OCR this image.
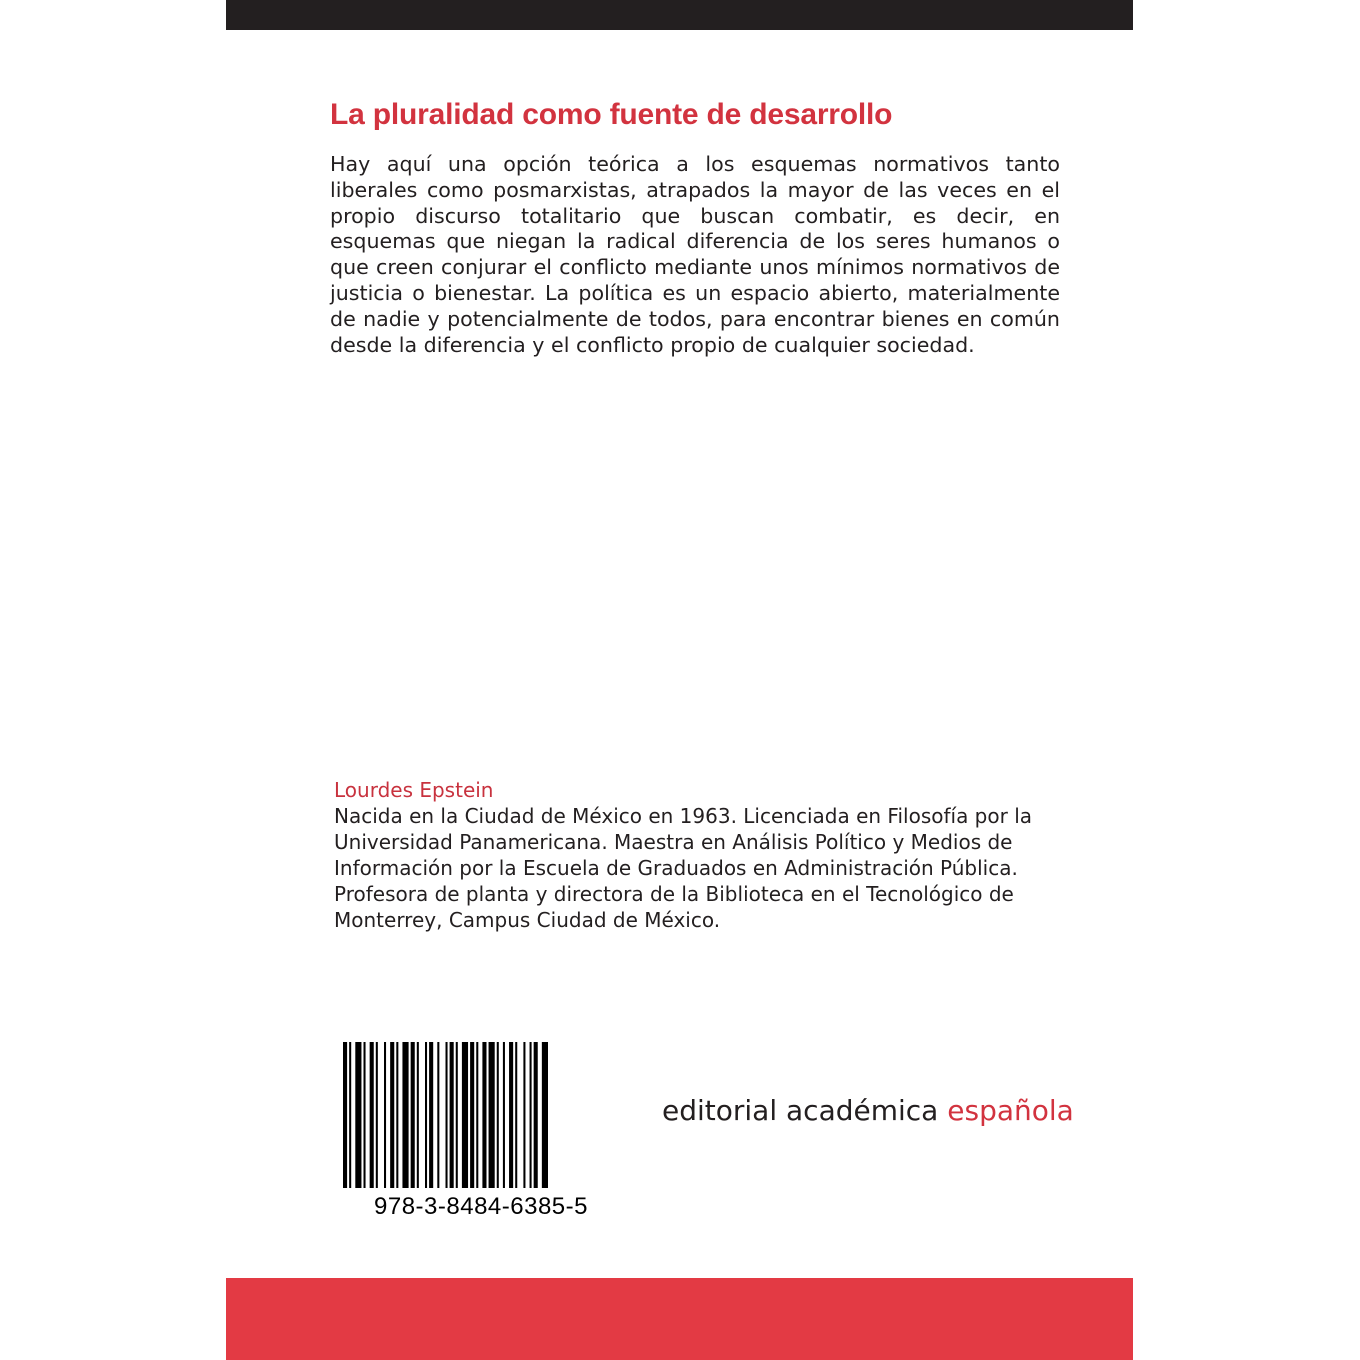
La pluralidad como fuente de desarrollo

Hay aquí una opción teórica a los esquemas normativos tanto liberales como posmarxistas, atrapados la mayor de las veces en el propio discurso totalitario que buscan combatir, es decir, en esquemas que niegan la radical diferencia de los seres humanos o que creen conjurar el conflicto mediante unos mínimos normativos de justicia o bienestar. La política es un espacio abierto, materialmente de nadie y potencialmente de todos, para encontrar bienes en común desde la diferencia y el conflicto propio de cualquier sociedad.

Lourdes Epstein

Nacida en la Ciudad de México en 1963. Licenciada en Filosofía por la Universidad Panamericana. Maestra en Análisis Político y Medios de Información por la Escuela de Graduados en Administración Pública. Profesora de planta y directora de la Biblioteca en el Tecnológico de Monterrey, Campus Ciudad de México.

978-3-8484-6385-5

editorial académica española
